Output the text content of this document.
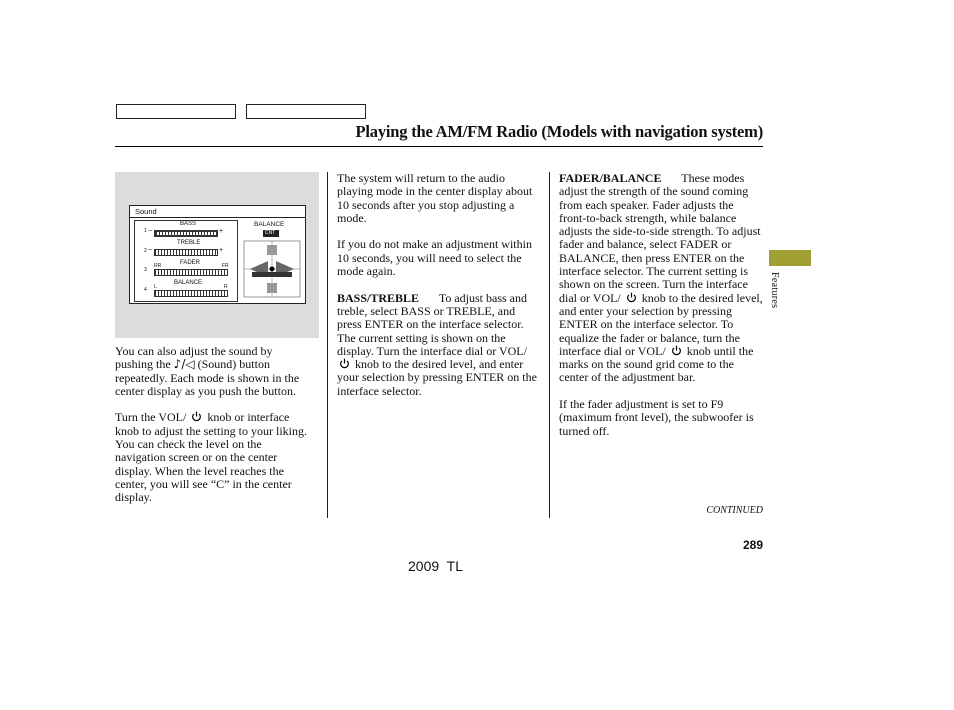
Playing the AM/FM Radio (Models with navigation system)
Sound
1
2
3
4
BASS
−	+
TREBLE
−	+
FADER
RR	FR
BALANCE
L	R
BALANCE
CNT

You can also adjust the sound by pushing the ♪/◁ (Sound) button repeatedly. Each mode is shown in the center display as you push the button.

Turn the VOL/ knob or interface knob to adjust the setting to your liking. You can check the level on the navigation screen or on the center display. When the level reaches the center, you will see “C” in the center display.

The system will return to the audio playing mode in the center display about 10 seconds after you stop adjusting a mode.

If you do not make an adjustment within 10 seconds, you will need to select the mode again.

BASS/TREBLE To adjust bass and treble, select BASS or TREBLE, and press ENTER on the interface selector. The current setting is shown on the display. Turn the interface dial or VOL/  knob to the desired level, and enter your selection by pressing ENTER on the interface selector.

FADER/BALANCE These modes adjust the strength of the sound coming from each speaker. Fader adjusts the front-to-back strength, while balance adjusts the side-to-side strength. To adjust fader and balance, select FADER or BALANCE, then press ENTER on the interface selector. The current setting is shown on the screen. Turn the interface dial or VOL/ knob to the desired level, and enter your selection by pressing ENTER on the interface selector. To equalize the fader or balance, turn the interface dial or VOL/ knob until the marks on the sound grid come to the center of the adjustment bar.

If the fader adjustment is set to F9 (maximum front level), the subwoofer is turned off.

Features
CONTINUED
289
2009  TL
